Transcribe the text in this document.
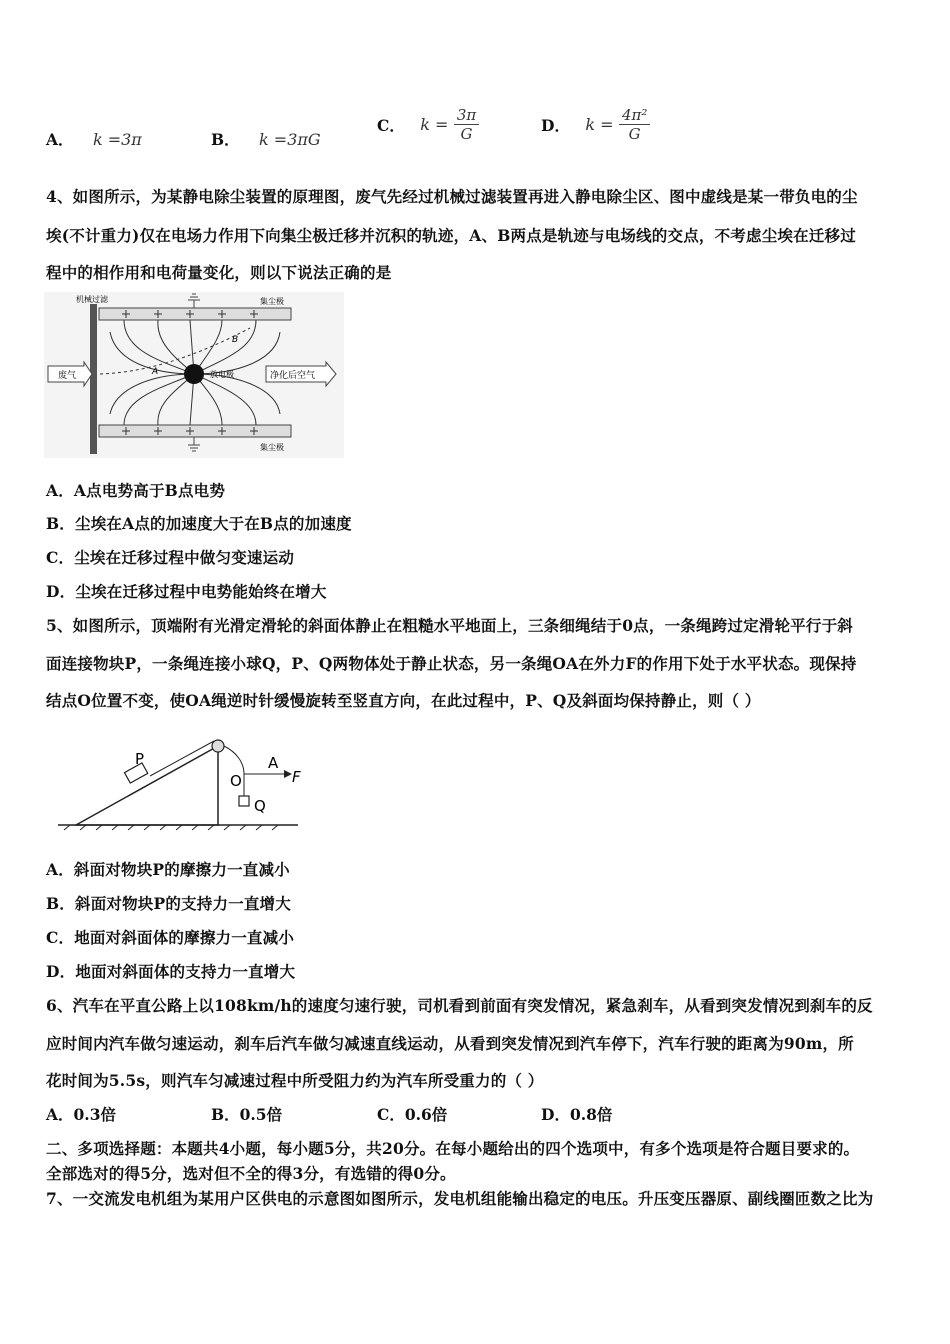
A． k =3π	B． k =3πG
C． $k = \frac{3\pi}{G}$	D． $k = \frac{\text{4π²}}{G}$
4、如图所示，为某静电除尘装置的原理图，废气先经过机械过滤装置再进入静电除尘区、图中虚线是某一带负电的尘
埃(不计重力)仅在电场力作用下向集尘极迁移并沉积的轨迹，A、B两点是轨迹与电场线的交点，不考虑尘埃在迁移过
程中的相作用和电荷量变化，则以下说法正确的是
废气	净化后空气
机械过滤	集尘极
集尘极
放电极
A
B
A．A点电势高于B点电势
B．尘埃在A点的加速度大于在B点的加速度
C．尘埃在迁移过程中做匀变速运动
D．尘埃在迁移过程中电势能始终在增大
5、如图所示，顶端附有光滑定滑轮的斜面体静止在粗糙水平地面上，三条细绳结于0点，一条绳跨过定滑轮平行于斜
面连接物块P，一条绳连接小球Q，P、Q两物体处于静止状态，另一条绳OA在外力F的作用下处于水平状态。现保持
结点O位置不变，使OA绳逆时针缓慢旋转至竖直方向，在此过程中，P、Q及斜面均保持静止，则（ ）
P
O
A
F
Q
A．斜面对物块P的摩擦力一直减小
B．斜面对物块P的支持力一直增大
C．地面对斜面体的摩擦力一直减小
D．地面对斜面体的支持力一直增大
6、汽车在平直公路上以108km/h的速度匀速行驶，司机看到前面有突发情况，紧急刹车，从看到突发情况到刹车的反
应时间内汽车做匀速运动，刹车后汽车做匀减速直线运动，从看到突发情况到汽车停下，汽车行驶的距离为90m，所
花时间为5.5s，则汽车匀减速过程中所受阻力约为汽车所受重力的（ ）
A．0.3倍	B．0.5倍	C．0.6倍	D．0.8倍
二、多项选择题：本题共4小题，每小题5分，共20分。在每小题给出的四个选项中，有多个选项是符合题目要求的。
全部选对的得5分，选对但不全的得3分，有选错的得0分。
7、一交流发电机组为某用户区供电的示意图如图所示，发电机组能输出稳定的电压。升压变压器原、副线圈匝数之比为
